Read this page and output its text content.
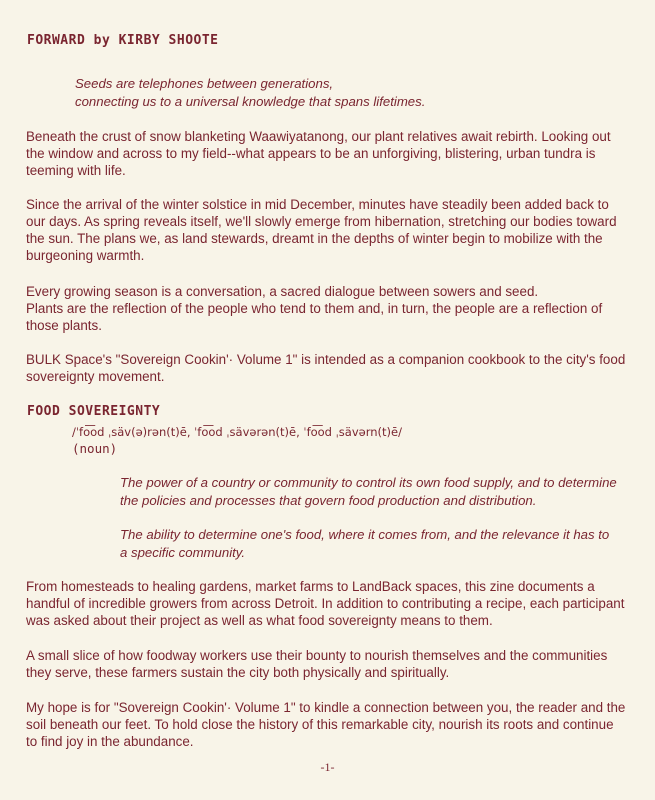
FORWARD by KIRBY SHOOTE
Seeds are telephones between generations,
connecting us to a universal knowledge that spans lifetimes.
Beneath the crust of snow blanketing Waawiyatanong, our plant relatives await rebirth. Looking out the window and across to my field--what appears to be an unforgiving, blistering, urban tundra is teeming with life.
Since the arrival of the winter solstice in mid December, minutes have steadily been added back to our days. As spring reveals itself, we'll slowly emerge from hibernation, stretching our bodies toward the sun. The plans we, as land stewards, dreamt in the depths of winter begin to mobilize with the burgeoning warmth.
Every growing season is a conversation, a sacred dialogue between sowers and seed.
Plants are the reflection of the people who tend to them and, in turn, the people are a reflection of those plants.
BULK Space's "Sovereign Cookin'· Volume 1" is intended as a companion cookbook to the city's food sovereignty movement.
FOOD SOVEREIGNTY
/ˈfo͞od ˌsäv(ə)rən(t)ē, ˈfo͞od ˌsävərən(t)ē, ˈfo͞od ˌsävərn(t)ē/
(noun)
The power of a country or community to control its own food supply, and to determine the policies and processes that govern food production and distribution.
The ability to determine one's food, where it comes from, and the relevance it has to a specific community.
From homesteads to healing gardens, market farms to LandBack spaces, this zine documents a handful of incredible growers from across Detroit. In addition to contributing a recipe, each participant was asked about their project as well as what food sovereignty means to them.
A small slice of how foodway workers use their bounty to nourish themselves and the communities they serve, these farmers sustain the city both physically and spiritually.
My hope is for "Sovereign Cookin'· Volume 1" to kindle a connection between you, the reader and the soil beneath our feet. To hold close the history of this remarkable city, nourish its roots and continue to find joy in the abundance.
-1-
